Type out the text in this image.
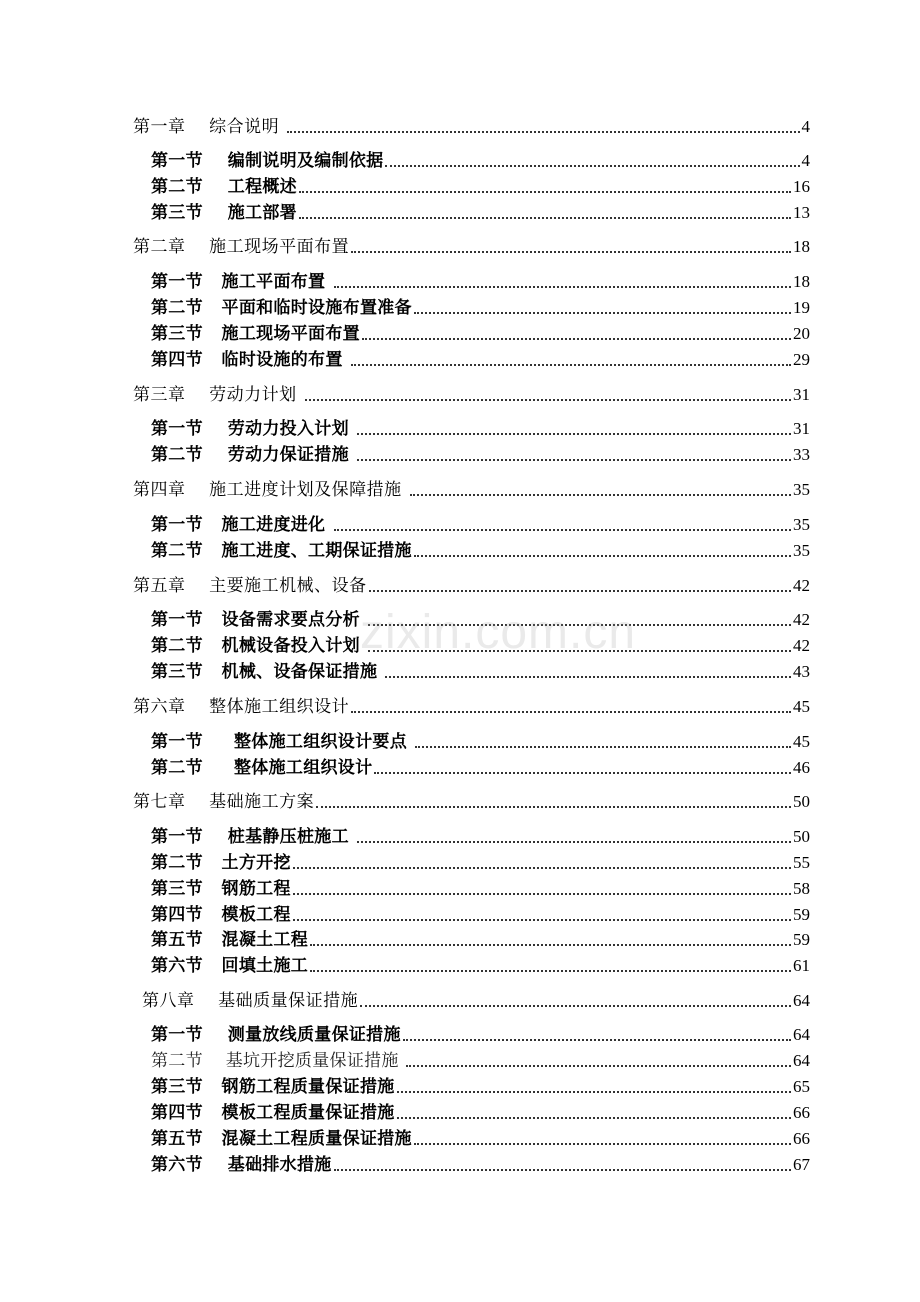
第一章    综合说明	4
第一节    编制说明及编制依据	4
第二节    工程概述	16
第三节    施工部署	13
第二章    施工现场平面布置	18
第一节   施工平面布置	18
第二节   平面和临时设施布置准备	19
第三节   施工现场平面布置	20
第四节   临时设施的布置	29
第三章    劳动力计划	31
第一节    劳动力投入计划	31
第二节    劳动力保证措施	33
第四章    施工进度计划及保障措施	35
第一节   施工进度进化	35
第二节   施工进度、工期保证措施	35
第五章    主要施工机械、设备	42
第一节   设备需求要点分析	42
第二节   机械设备投入计划	42
第三节   机械、设备保证措施	43
第六章    整体施工组织设计	45
第一节     整体施工组织设计要点	45
第二节     整体施工组织设计	46
第七章    基础施工方案	50
第一节    桩基静压桩施工	50
第二节   土方开挖	55
第三节   钢筋工程	58
第四节   模板工程	59
第五节   混凝土工程	59
第六节   回填土施工	61
第八章    基础质量保证措施	64
第一节    测量放线质量保证措施	64
第二节    基坑开挖质量保证措施	64
第三节   钢筋工程质量保证措施	65
第四节   模板工程质量保证措施	66
第五节   混凝土工程质量保证措施	66
第六节    基础排水措施	67
zixin.com.cn
